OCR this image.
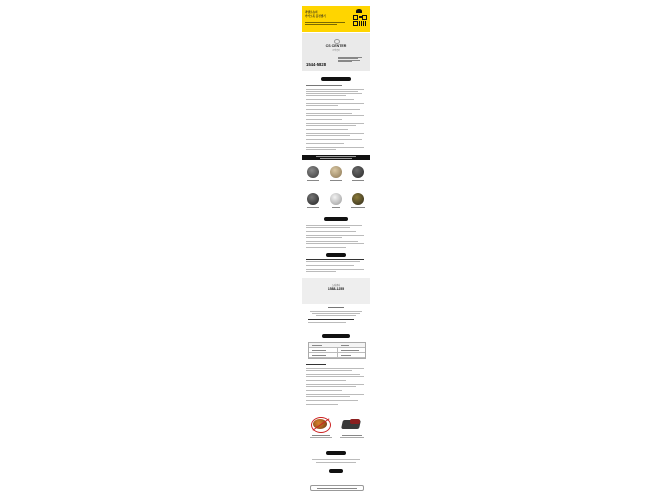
라벨로슈의
카카오톡 플친맺기
CS CENTER
고객센터
1544-5828
쇼핑센터
1588-1255
